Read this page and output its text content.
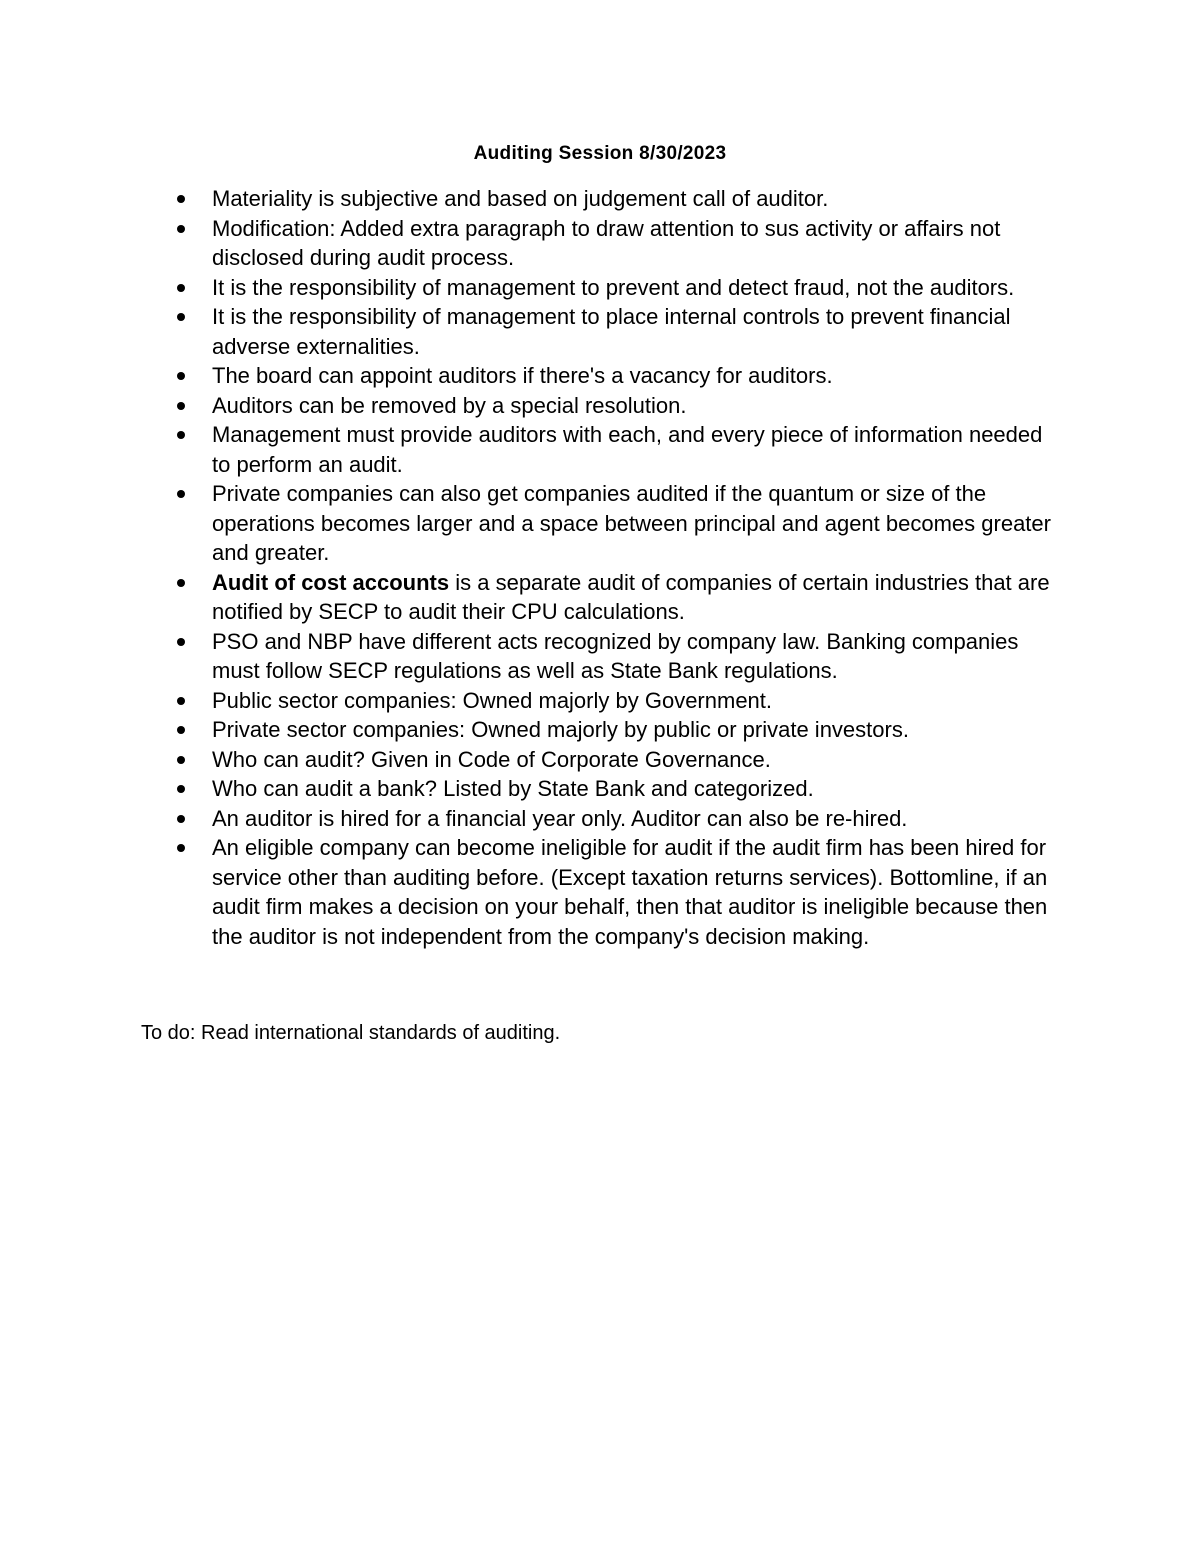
Auditing Session 8/30/2023
Materiality is subjective and based on judgement call of auditor.
Modification: Added extra paragraph to draw attention to sus activity or affairs not disclosed during audit process.
It is the responsibility of management to prevent and detect fraud, not the auditors.
It is the responsibility of management to place internal controls to prevent financial adverse externalities.
The board can appoint auditors if there's a vacancy for auditors.
Auditors can be removed by a special resolution.
Management must provide auditors with each, and every piece of information needed to perform an audit.
Private companies can also get companies audited if the quantum or size of the operations becomes larger and a space between principal and agent becomes greater and greater.
Audit of cost accounts is a separate audit of companies of certain industries that are notified by SECP to audit their CPU calculations.
PSO and NBP have different acts recognized by company law. Banking companies must follow SECP regulations as well as State Bank regulations.
Public sector companies: Owned majorly by Government.
Private sector companies: Owned majorly by public or private investors.
Who can audit? Given in Code of Corporate Governance.
Who can audit a bank? Listed by State Bank and categorized.
An auditor is hired for a financial year only. Auditor can also be re-hired.
An eligible company can become ineligible for audit if the audit firm has been hired for service other than auditing before. (Except taxation returns services). Bottomline, if an audit firm makes a decision on your behalf, then that auditor is ineligible because then the auditor is not independent from the company's decision making.
To do: Read international standards of auditing.
